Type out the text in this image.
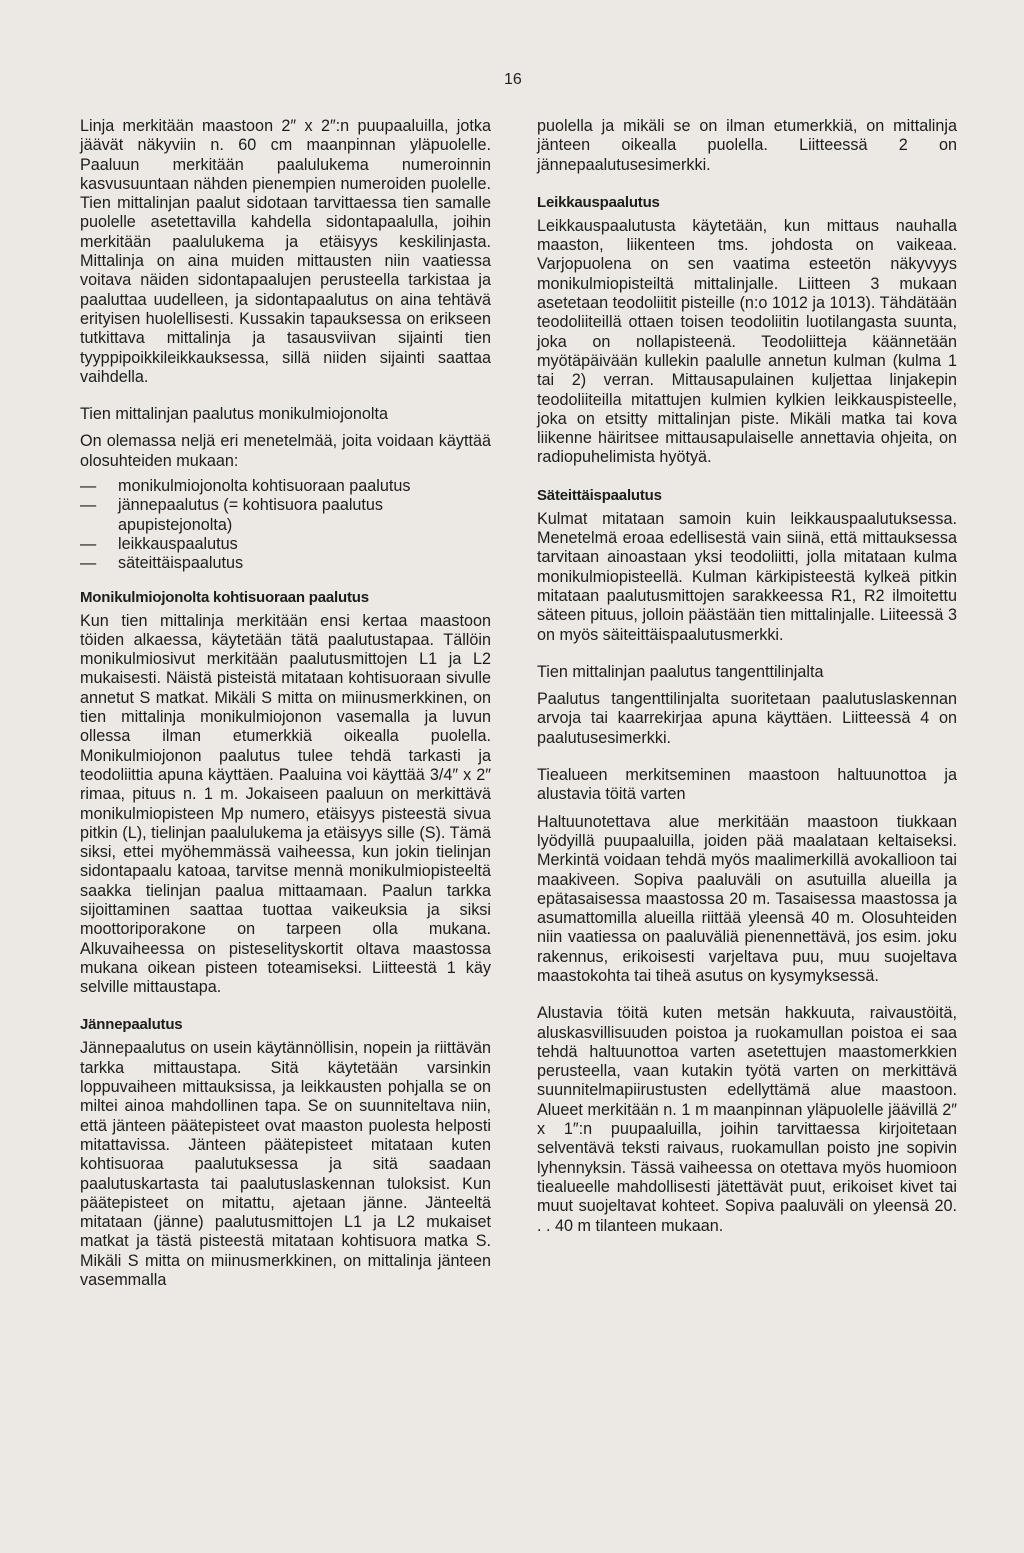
16

Linja merkitään maastoon 2″ x 2″:n puupaaluilla, jotka jäävät näkyviin n. 60 cm maanpinnan yläpuolelle. Paaluun merkitään paalulukema numeroinnin kasvusuuntaan nähden pienempien numeroiden puolelle. Tien mittalinjan paalut sidotaan tarvittaessa tien samalle puolelle asetettavilla kahdella sidontapaalulla, joihin merkitään paalulukema ja etäisyys keskilinjasta. Mittalinja on aina muiden mittausten niin vaatiessa voitava näiden sidontapaalujen perusteella tarkistaa ja paaluttaa uudelleen, ja sidontapaalutus on aina tehtävä erityisen huolellisesti. Kussakin tapauksessa on erikseen tutkittava mittalinja ja tasausviivan sijainti tien tyyppipoikkileikkauksessa, sillä niiden sijainti saattaa vaihdella.

Tien mittalinjan paalutus monikulmiojonolta

On olemassa neljä eri menetelmää, joita voidaan käyttää olosuhteiden mukaan:

— monikulmiojonolta kohtisuoraan paalutus
— jännepaalutus (= kohtisuora paalutus apupistejonolta)
— leikkauspaalutus
— säteittäispaalutus
Monikulmiojonolta kohtisuoraan paalutus

Kun tien mittalinja merkitään ensi kertaa maastoon töiden alkaessa, käytetään tätä paalutustapaa. Tällöin monikulmiosivut merkitään paalutusmittojen L1 ja L2 mukaisesti. Näistä pisteistä mitataan kohtisuoraan sivulle annetut S matkat. Mikäli S mitta on miinusmerkkinen, on tien mittalinja monikulmiojonon vasemalla ja luvun ollessa ilman etumerkkiä oikealla puolella. Monikulmiojonon paalutus tulee tehdä tarkasti ja teodoliittia apuna käyttäen. Paaluina voi käyttää 3/4″ x 2″ rimaa, pituus n. 1 m. Jokaiseen paaluun on merkittävä monikulmiopisteen Mp numero, etäisyys pisteestä sivua pitkin (L), tielinjan paalulukema ja etäisyys sille (S). Tämä siksi, ettei myöhemmässä vaiheessa, kun jokin tielinjan sidontapaalu katoaa, tarvitse mennä monikulmiopisteeltä saakka tielinjan paalua mittaamaan. Paalun tarkka sijoittaminen saattaa tuottaa vaikeuksia ja siksi moottoriporakone on tarpeen olla mukana. Alkuvaiheessa on pisteselityskortit oltava maastossa mukana oikean pisteen toteamiseksi. Liitteestä 1 käy selville mittaustapa.

Jännepaalutus

Jännepaalutus on usein käytännöllisin, nopein ja riittävän tarkka mittaustapa. Sitä käytetään varsinkin loppuvaiheen mittauksissa, ja leikkausten pohjalla se on miltei ainoa mahdollinen tapa. Se on suunniteltava niin, että jänteen päätepisteet ovat maaston puolesta helposti mitattavissa. Jänteen päätepisteet mitataan kuten kohtisuoraa paalutuksessa ja sitä saadaan paalutuskartasta tai paalutuslaskennan tuloksist. Kun päätepisteet on mitattu, ajetaan jänne. Jänteeltä mitataan (jänne) paalutusmittojen L1 ja L2 mukaiset matkat ja tästä pisteestä mitataan kohtisuora matka S. Mikäli S mitta on miinusmerkkinen, on mittalinja jänteen vasemmalla

puolella ja mikäli se on ilman etumerkkiä, on mittalinja jänteen oikealla puolella. Liitteessä 2 on jännepaalutusesimerkki.

Leikkauspaalutus

Leikkauspaalutusta käytetään, kun mittaus nauhalla maaston, liikenteen tms. johdosta on vaikeaa. Varjopuolena on sen vaatima esteetön näkyvyys monikulmiopisteiltä mittalinjalle. Liitteen 3 mukaan asetetaan teodoliitit pisteille (n:o 1012 ja 1013). Tähdätään teodoliiteillä ottaen toisen teodoliitin luotilangasta suunta, joka on nollapisteenä. Teodoliitteja käännetään myötäpäivään kullekin paalulle annetun kulman (kulma 1 tai 2) verran. Mittausapulainen kuljettaa linjakepin teodoliiteilla mitattujen kulmien kylkien leikkauspisteelle, joka on etsitty mittalinjan piste. Mikäli matka tai kova liikenne häiritsee mittausapulaiselle annettavia ohjeita, on radiopuhelimista hyötyä.

Säteittäispaalutus

Kulmat mitataan samoin kuin leikkauspaalutuksessa. Menetelmä eroaa edellisestä vain siinä, että mittauksessa tarvitaan ainoastaan yksi teodoliitti, jolla mitataan kulma monikulmiopisteellä. Kulman kärkipisteestä kylkeä pitkin mitataan paalutusmittojen sarakkeessa R1, R2 ilmoitettu säteen pituus, jolloin päästään tien mittalinjalle. Liiteessä 3 on myös säiteittäispaalutusmerkki.

Tien mittalinjan paalutus tangenttilinjalta

Paalutus tangenttilinjalta suoritetaan paalutuslaskennan arvoja tai kaarrekirjaa apuna käyttäen. Liitteessä 4 on paalutusesimerkki.

Tiealueen merkitseminen maastoon haltuunottoa ja alustavia töitä varten

Haltuunotettava alue merkitään maastoon tiukkaan lyödyillä puupaaluilla, joiden pää maalataan keltaiseksi. Merkintä voidaan tehdä myös maalimerkillä avokallioon tai maakiveen. Sopiva paaluväli on asutuilla alueilla ja epätasaisessa maastossa 20 m. Tasaisessa maastossa ja asumattomilla alueilla riittää yleensä 40 m. Olosuhteiden niin vaatiessa on paaluväliä pienennettävä, jos esim. joku rakennus, erikoisesti varjeltava puu, muu suojeltava maastokohta tai tiheä asutus on kysymyksessä.

Alustavia töitä kuten metsän hakkuuta, raivaustöitä, aluskasvillisuuden poistoa ja ruokamullan poistoa ei saa tehdä haltuunottoa varten asetettujen maastomerkkien perusteella, vaan kutakin työtä varten on merkittävä suunnitelmapiirustusten edellyttämä alue maastoon. Alueet merkitään n. 1 m maanpinnan yläpuolelle jäävillä 2″ x 1″:n puupaaluilla, joihin tarvittaessa kirjoitetaan selventävä teksti raivaus, ruokamullan poisto jne sopivin lyhennyksin. Tässä vaiheessa on otettava myös huomioon tiealueelle mahdollisesti jätettävät puut, erikoiset kivet tai muut suojeltavat kohteet. Sopiva paaluväli on yleensä 20. . . 40 m tilanteen mukaan.
